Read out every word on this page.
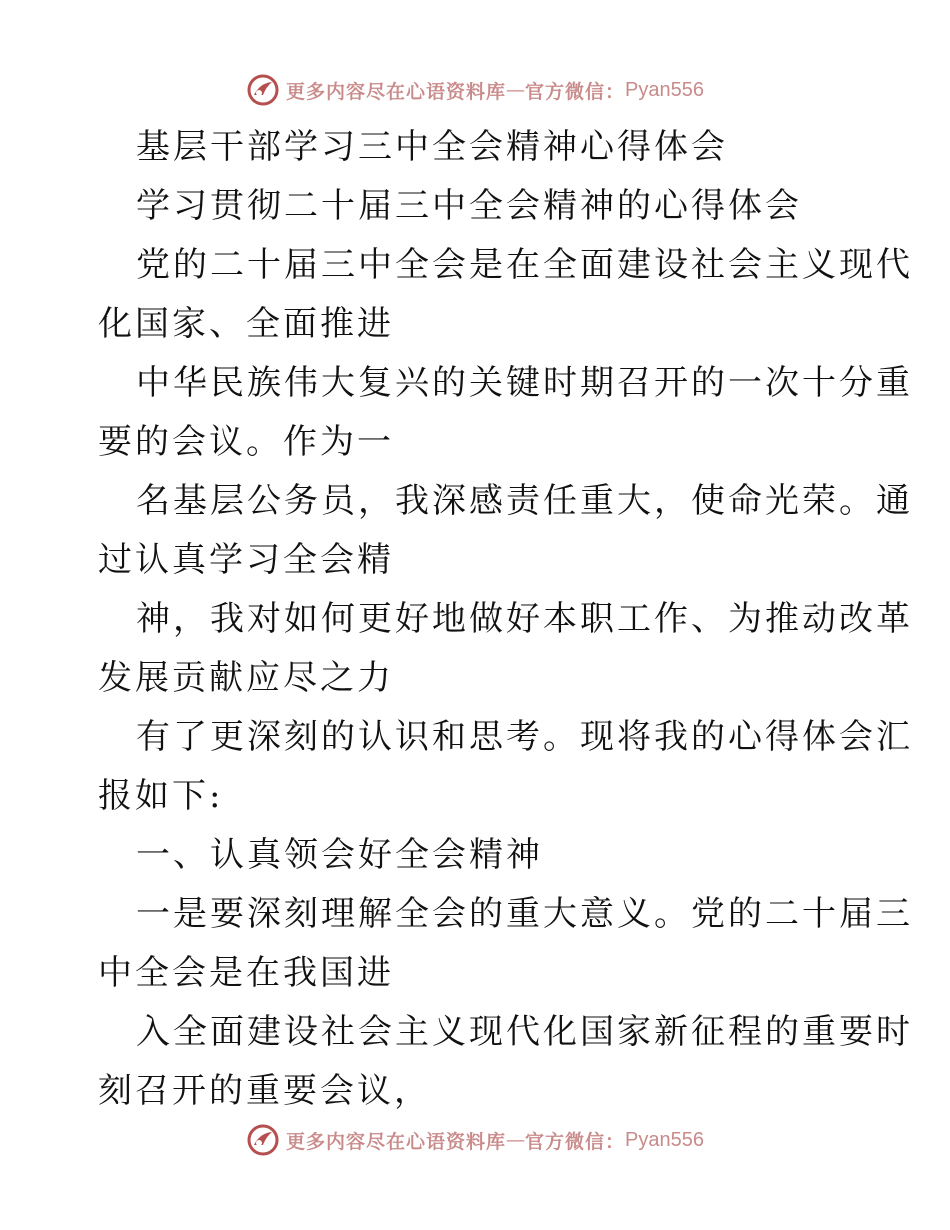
更多内容尽在心语资料库 — 官方微信： Pyan556
基层干部学习三中全会精神心得体会
学习贯彻二十届三中全会精神的心得体会
党的二十届三中全会是在全面建设社会主义现代
化国家、全面推进
中华民族伟大复兴的关键时期召开的一次十分重
要的会议。作为一
名基层公务员，我深感责任重大，使命光荣。通
过认真学习全会精
神，我对如何更好地做好本职工作、为推动改革
发展贡献应尽之力
有了更深刻的认识和思考。现将我的心得体会汇
报如下:
一、认真领会好全会精神
一是要深刻理解全会的重大意义。党的二十届三
中全会是在我国进
入全面建设社会主义现代化国家新征程的重要时
刻召开的重要会议，
更多内容尽在心语资料库 — 官方微信： Pyan556
